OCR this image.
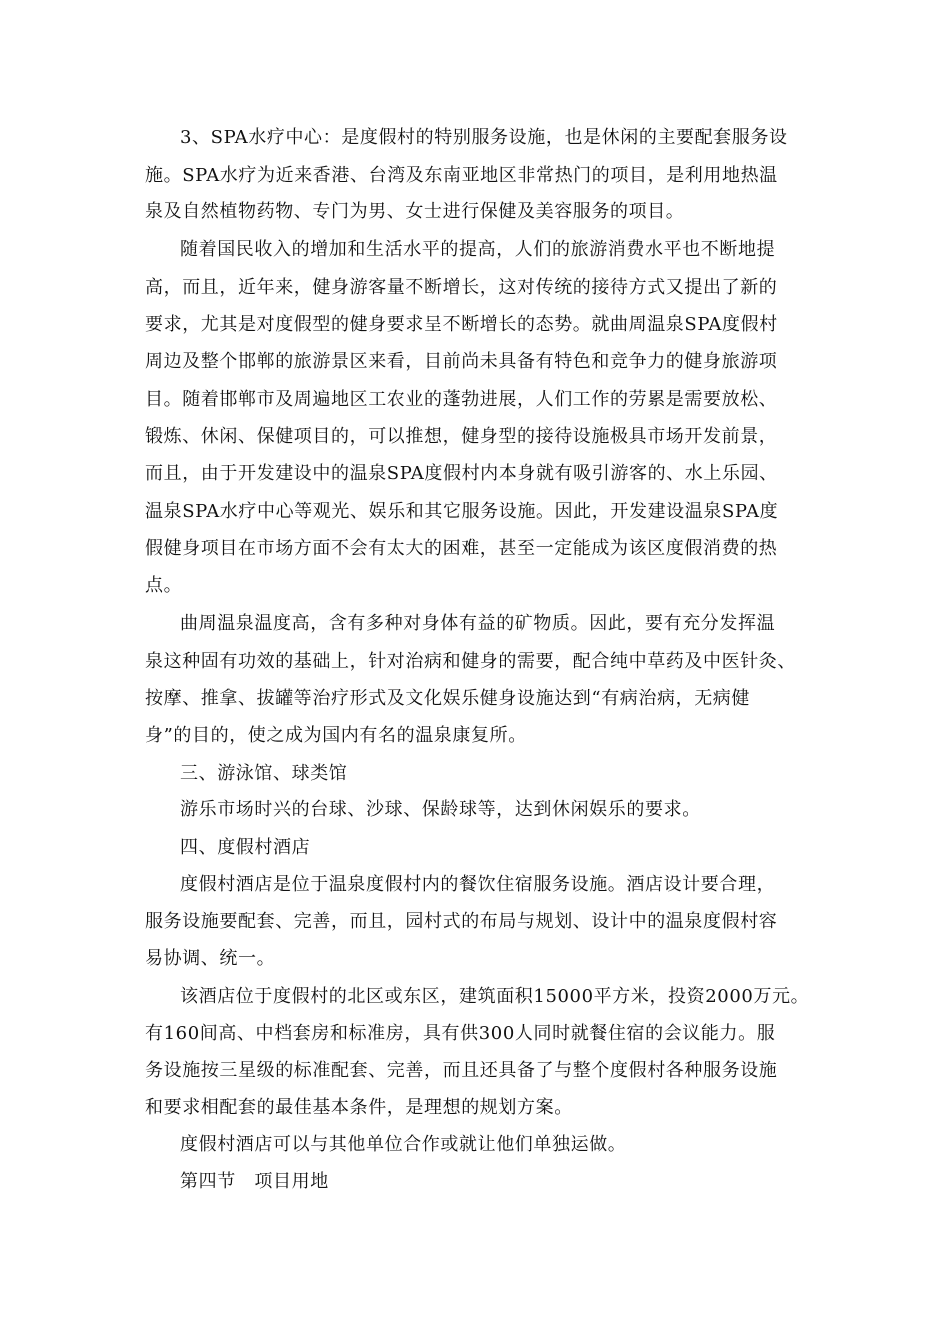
3、SPA水疗中心：是度假村的特别服务设施，也是休闲的主要配套服务设
施。SPA水疗为近来香港、台湾及东南亚地区非常热门的项目，是利用地热温
泉及自然植物药物、专门为男、女士进行保健及美容服务的项目。
随着国民收入的增加和生活水平的提高，人们的旅游消费水平也不断地提
高，而且，近年来，健身游客量不断增长，这对传统的接待方式又提出了新的
要求，尤其是对度假型的健身要求呈不断增长的态势。就曲周温泉SPA度假村
周边及整个邯郸的旅游景区来看，目前尚未具备有特色和竞争力的健身旅游项
目。随着邯郸市及周遍地区工农业的蓬勃进展，人们工作的劳累是需要放松、
锻炼、休闲、保健项目的，可以推想，健身型的接待设施极具市场开发前景，
而且，由于开发建设中的温泉SPA度假村内本身就有吸引游客的、水上乐园、
温泉SPA水疗中心等观光、娱乐和其它服务设施。因此，开发建设温泉SPA度
假健身项目在市场方面不会有太大的困难，甚至一定能成为该区度假消费的热
点。
曲周温泉温度高，含有多种对身体有益的矿物质。因此，要有充分发挥温
泉这种固有功效的基础上，针对治病和健身的需要，配合纯中草药及中医针灸、
按摩、推拿、拔罐等治疗形式及文化娱乐健身设施达到“有病治病，无病健
身”的目的，使之成为国内有名的温泉康复所。
三、游泳馆、球类馆
游乐市场时兴的台球、沙球、保龄球等，达到休闲娱乐的要求。
四、度假村酒店
度假村酒店是位于温泉度假村内的餐饮住宿服务设施。酒店设计要合理，
服务设施要配套、完善，而且，园村式的布局与规划、设计中的温泉度假村容
易协调、统一。
该酒店位于度假村的北区或东区，建筑面积15000平方米，投资2000万元。
有160间高、中档套房和标准房，具有供300人同时就餐住宿的会议能力。服
务设施按三星级的标准配套、完善，而且还具备了与整个度假村各种服务设施
和要求相配套的最佳基本条件，是理想的规划方案。
度假村酒店可以与其他单位合作或就让他们单独运做。
第四节　项目用地
